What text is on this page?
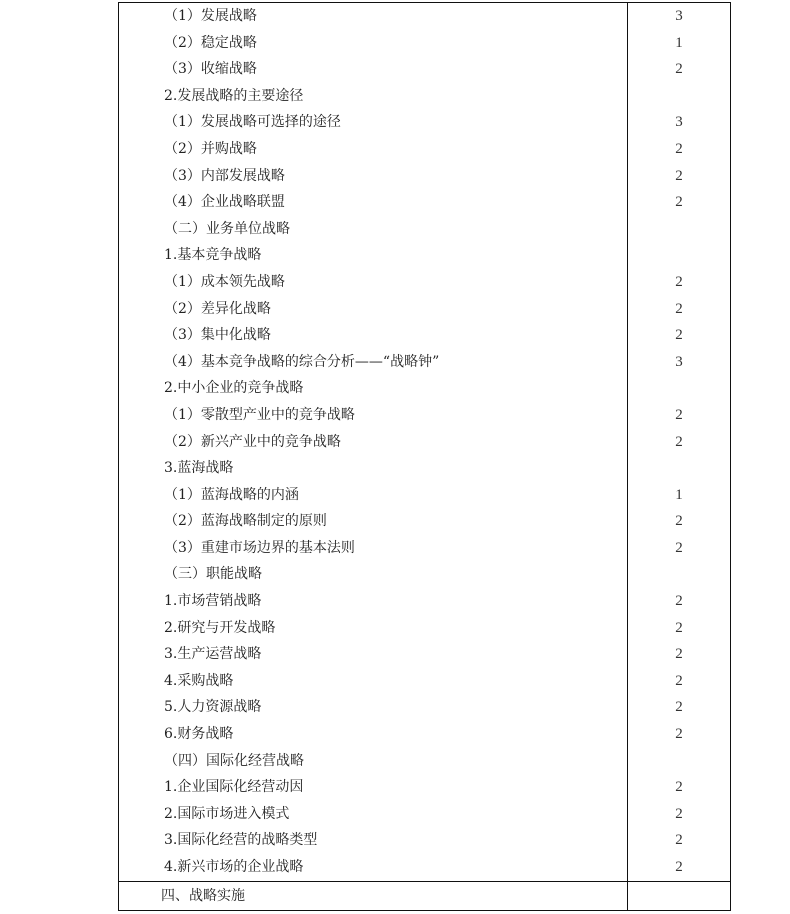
（1）发展战略	3
（2）稳定战略	1
（3）收缩战略	2
2.发展战略的主要途径	
（1）发展战略可选择的途径	3
（2）并购战略	2
（3）内部发展战略	2
（4）企业战略联盟	2
（二）业务单位战略	
1.基本竞争战略	
（1）成本领先战略	2
（2）差异化战略	2
（3）集中化战略	2
（4）基本竞争战略的综合分析——“战略钟”	3
2.中小企业的竞争战略	
（1）零散型产业中的竞争战略	2
（2）新兴产业中的竞争战略	2
3.蓝海战略	
（1）蓝海战略的内涵	1
（2）蓝海战略制定的原则	2
（3）重建市场边界的基本法则	2
（三）职能战略	
1.市场营销战略	2
2.研究与开发战略	2
3.生产运营战略	2
4.采购战略	2
5.人力资源战略	2
6.财务战略	2
（四）国际化经营战略	
1.企业国际化经营动因	2
2.国际市场进入模式	2
3.国际化经营的战略类型	2
4.新兴市场的企业战略	2
四、战略实施	
